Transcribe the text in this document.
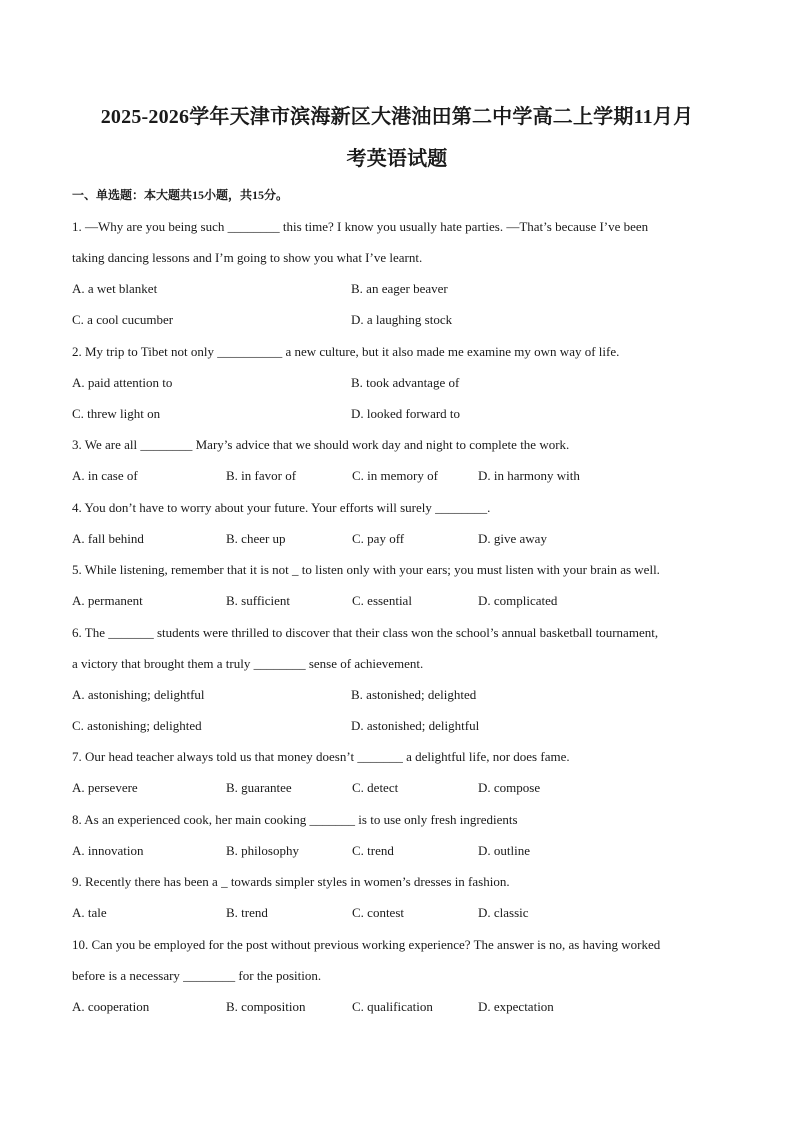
2025-2026学年天津市滨海新区大港油田第二中学高二上学期11月月
考英语试题
一、单选题：本大题共15小题，共15分。
1. —Why are you being such ________ this time? I know you usually hate parties. —That’s because I’ve been
taking dancing lessons and I’m going to show you what I’ve learnt.
A. a wet blanket	B. an eager beaver
C. a cool cucumber	D. a laughing stock
2. My trip to Tibet not only __________ a new culture, but it also made me examine my own way of life.
A. paid attention to	B. took advantage of
C. threw light on	D. looked forward to
3. We are all ________ Mary’s advice that we should work day and night to complete the work.
A. in case of	B. in favor of	C. in memory of	D. in harmony with
4. You don’t have to worry about your future. Your efforts will surely ________.
A. fall behind	B. cheer up	C. pay off	D. give away
5. While listening, remember that it is not _ to listen only with your ears; you must listen with your brain as well.
A. permanent	B. sufficient	C. essential	D. complicated
6. The _______ students were thrilled to discover that their class won the school’s annual basketball tournament,
a victory that brought them a truly ________ sense of achievement.
A. astonishing; delightful	B. astonished; delighted
C. astonishing; delighted	D. astonished; delightful
7. Our head teacher always told us that money doesn’t _______ a delightful life, nor does fame.
A. persevere	B. guarantee	C. detect	D. compose
8. As an experienced cook, her main cooking _______ is to use only fresh ingredients
A. innovation	B. philosophy	C. trend	D. outline
9. Recently there has been a _ towards simpler styles in women’s dresses in fashion.
A. tale	B. trend	C. contest	D. classic
10. Can you be employed for the post without previous working experience? The answer is no, as having worked
before is a necessary ________ for the position.
A. cooperation	B. composition	C. qualification	D. expectation
